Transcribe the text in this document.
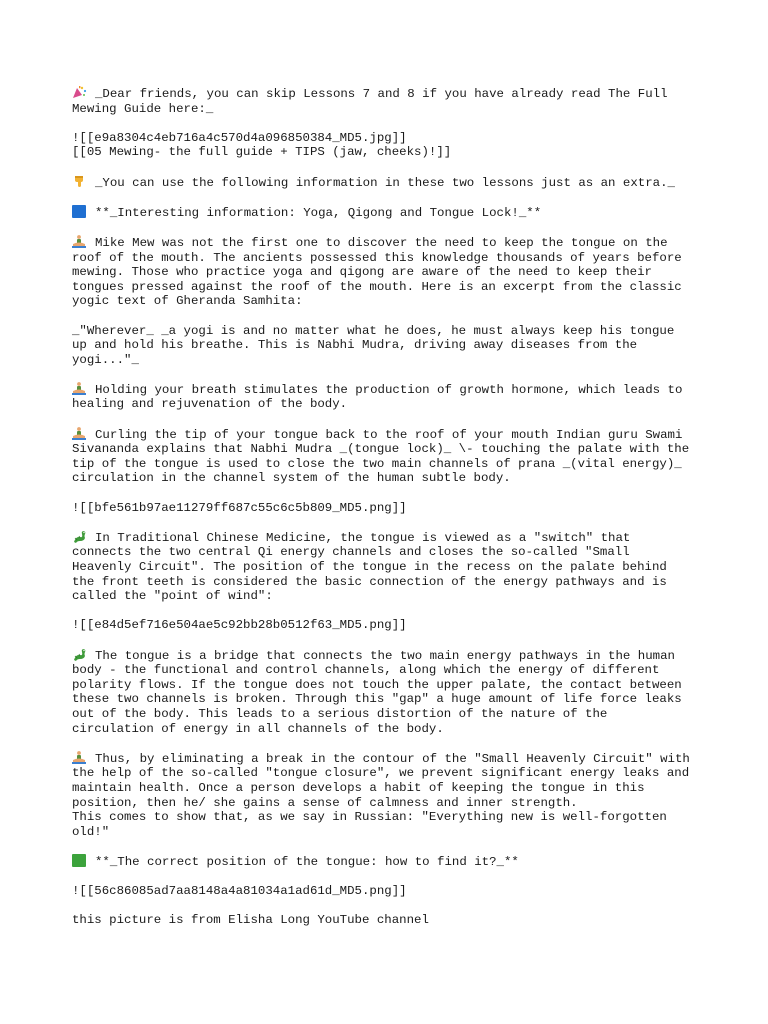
_Dear friends, you can skip Lessons 7 and 8 if you have already read The Full
Mewing Guide here:_
![[e9a8304c4eb716a4c570d4a096850384_MD5.jpg]]
[[05 Mewing- the full guide + TIPS (jaw, cheeks)!]]
_You can use the following information in these two lessons just as an extra._
**_Interesting information: Yoga, Qigong and Tongue Lock!_**
Mike Mew was not the first one to discover the need to keep the tongue on the
roof of the mouth. The ancients possessed this knowledge thousands of years before
mewing. Those who practice yoga and qigong are aware of the need to keep their
tongues pressed against the roof of the mouth. Here is an excerpt from the classic
yogic text of Gheranda Samhita:
_"Wherever_ _a yogi is and no matter what he does, he must always keep his tongue
up and hold his breathe. This is Nabhi Mudra, driving away diseases from the
yogi..."_
Holding your breath stimulates the production of growth hormone, which leads to
healing and rejuvenation of the body.
Curling the tip of your tongue back to the roof of your mouth Indian guru Swami
Sivananda explains that Nabhi Mudra _(tongue lock)_ \- touching the palate with the
tip of the tongue is used to close the two main channels of prana _(vital energy)_
circulation in the channel system of the human subtle body.
![[bfe561b97ae11279ff687c55c6c5b809_MD5.png]]
In Traditional Chinese Medicine, the tongue is viewed as a "switch" that
connects the two central Qi energy channels and closes the so-called "Small
Heavenly Circuit". The position of the tongue in the recess on the palate behind
the front teeth is considered the basic connection of the energy pathways and is
called the "point of wind":
![[e84d5ef716e504ae5c92bb28b0512f63_MD5.png]]
The tongue is a bridge that connects the two main energy pathways in the human
body - the functional and control channels, along which the energy of different
polarity flows. If the tongue does not touch the upper palate, the contact between
these two channels is broken. Through this "gap" a huge amount of life force leaks
out of the body. This leads to a serious distortion of the nature of the
circulation of energy in all channels of the body.
Thus, by eliminating a break in the contour of the "Small Heavenly Circuit" with
the help of the so-called "tongue closure", we prevent significant energy leaks and
maintain health. Once a person develops a habit of keeping the tongue in this
position, then he/ she gains a sense of calmness and inner strength.
This comes to show that, as we say in Russian: "Everything new is well-forgotten
old!"
**_The correct position of the tongue: how to find it?_**
![[56c86085ad7aa8148a4a81034a1ad61d_MD5.png]]
this picture is from Elisha Long YouTube channel
